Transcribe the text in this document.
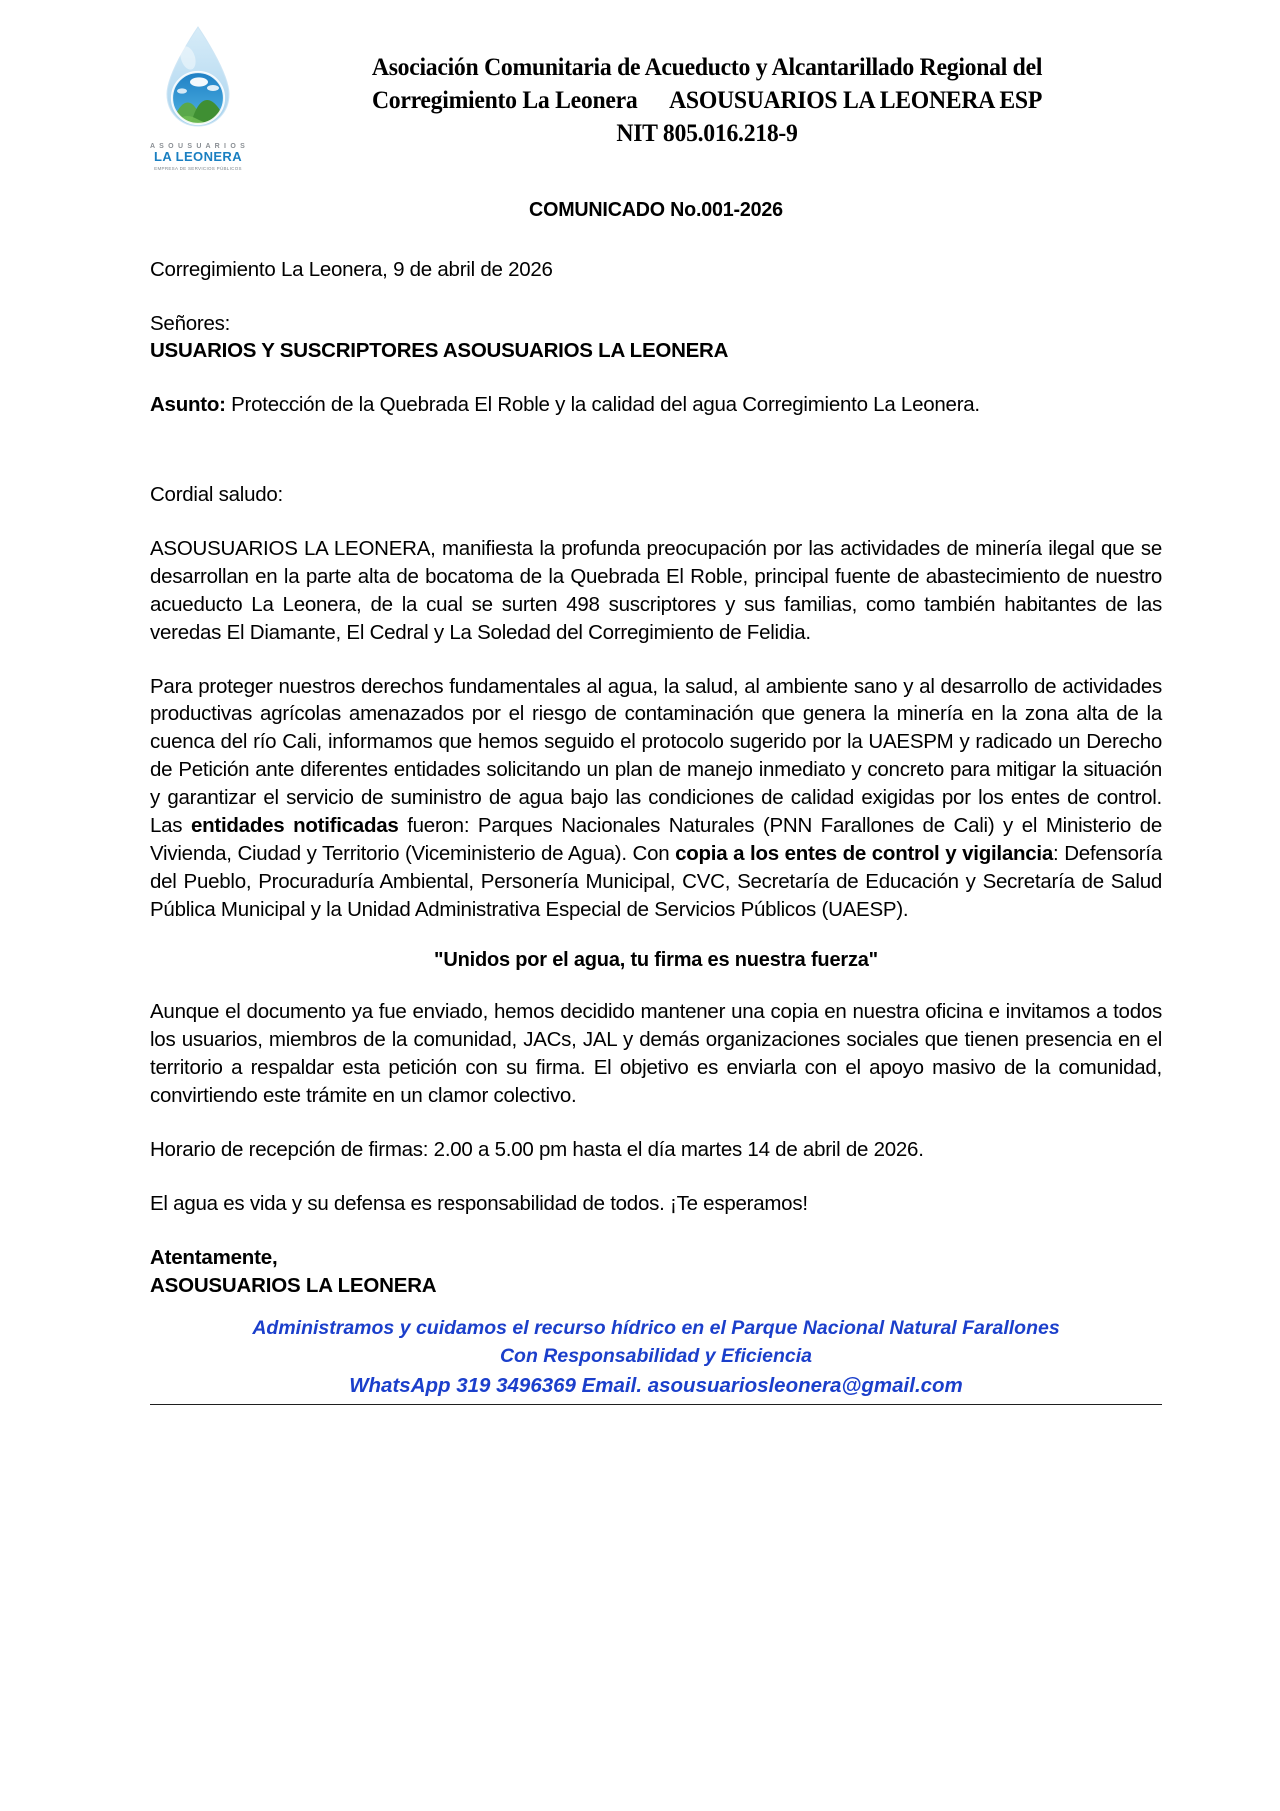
A S O U S U A R I O S
LA LEONERA
EMPRESA DE SERVICIOS PÚBLICOS
Asociación Comunitaria de Acueducto y Alcantarillado Regional del
Corregimiento La Leonera ASOUSUARIOS LA LEONERA ESP
NIT 805.016.218-9
COMUNICADO No.001-2026

Corregimiento La Leonera, 9 de abril de 2026

Señores:

USUARIOS Y SUSCRIPTORES ASOUSUARIOS LA LEONERA

Asunto: Protección de la Quebrada El Roble y la calidad del agua Corregimiento La Leonera.

Cordial saludo:

ASOUSUARIOS LA LEONERA, manifiesta la profunda preocupación por las actividades de minería ilegal que se desarrollan en la parte alta de bocatoma de la Quebrada El Roble, principal fuente de abastecimiento de nuestro acueducto La Leonera, de la cual se surten 498 suscriptores y sus familias, como también habitantes de las veredas El Diamante, El Cedral y La Soledad del Corregimiento de Felidia.

Para proteger nuestros derechos fundamentales al agua, la salud, al ambiente sano y al desarrollo de actividades productivas agrícolas amenazados por el riesgo de contaminación que genera la minería en la zona alta de la cuenca del río Cali, informamos que hemos seguido el protocolo sugerido por la UAESPM y radicado un Derecho de Petición ante diferentes entidades solicitando un plan de manejo inmediato y concreto para mitigar la situación y garantizar el servicio de suministro de agua bajo las condiciones de calidad exigidas por los entes de control. Las entidades notificadas fueron: Parques Nacionales Naturales (PNN Farallones de Cali) y el Ministerio de Vivienda, Ciudad y Territorio (Viceministerio de Agua). Con copia a los entes de control y vigilancia: Defensoría del Pueblo, Procuraduría Ambiental, Personería Municipal, CVC, Secretaría de Educación y Secretaría de Salud Pública Municipal y la Unidad Administrativa Especial de Servicios Públicos (UAESP).

"Unidos por el agua, tu firma es nuestra fuerza"

Aunque el documento ya fue enviado, hemos decidido mantener una copia en nuestra oficina e invitamos a todos los usuarios, miembros de la comunidad, JACs, JAL y demás organizaciones sociales que tienen presencia en el territorio a respaldar esta petición con su firma. El objetivo es enviarla con el apoyo masivo de la comunidad, convirtiendo este trámite en un clamor colectivo.

Horario de recepción de firmas: 2.00 a 5.00 pm hasta el día martes 14 de abril de 2026.

El agua es vida y su defensa es responsabilidad de todos. ¡Te esperamos!

Atentamente,

ASOUSUARIOS LA LEONERA

Administramos y cuidamos el recurso hídrico en el Parque Nacional Natural Farallones
Con Responsabilidad y Eficiencia
WhatsApp 319 3496369 Email. asousuariosleonera@gmail.com
